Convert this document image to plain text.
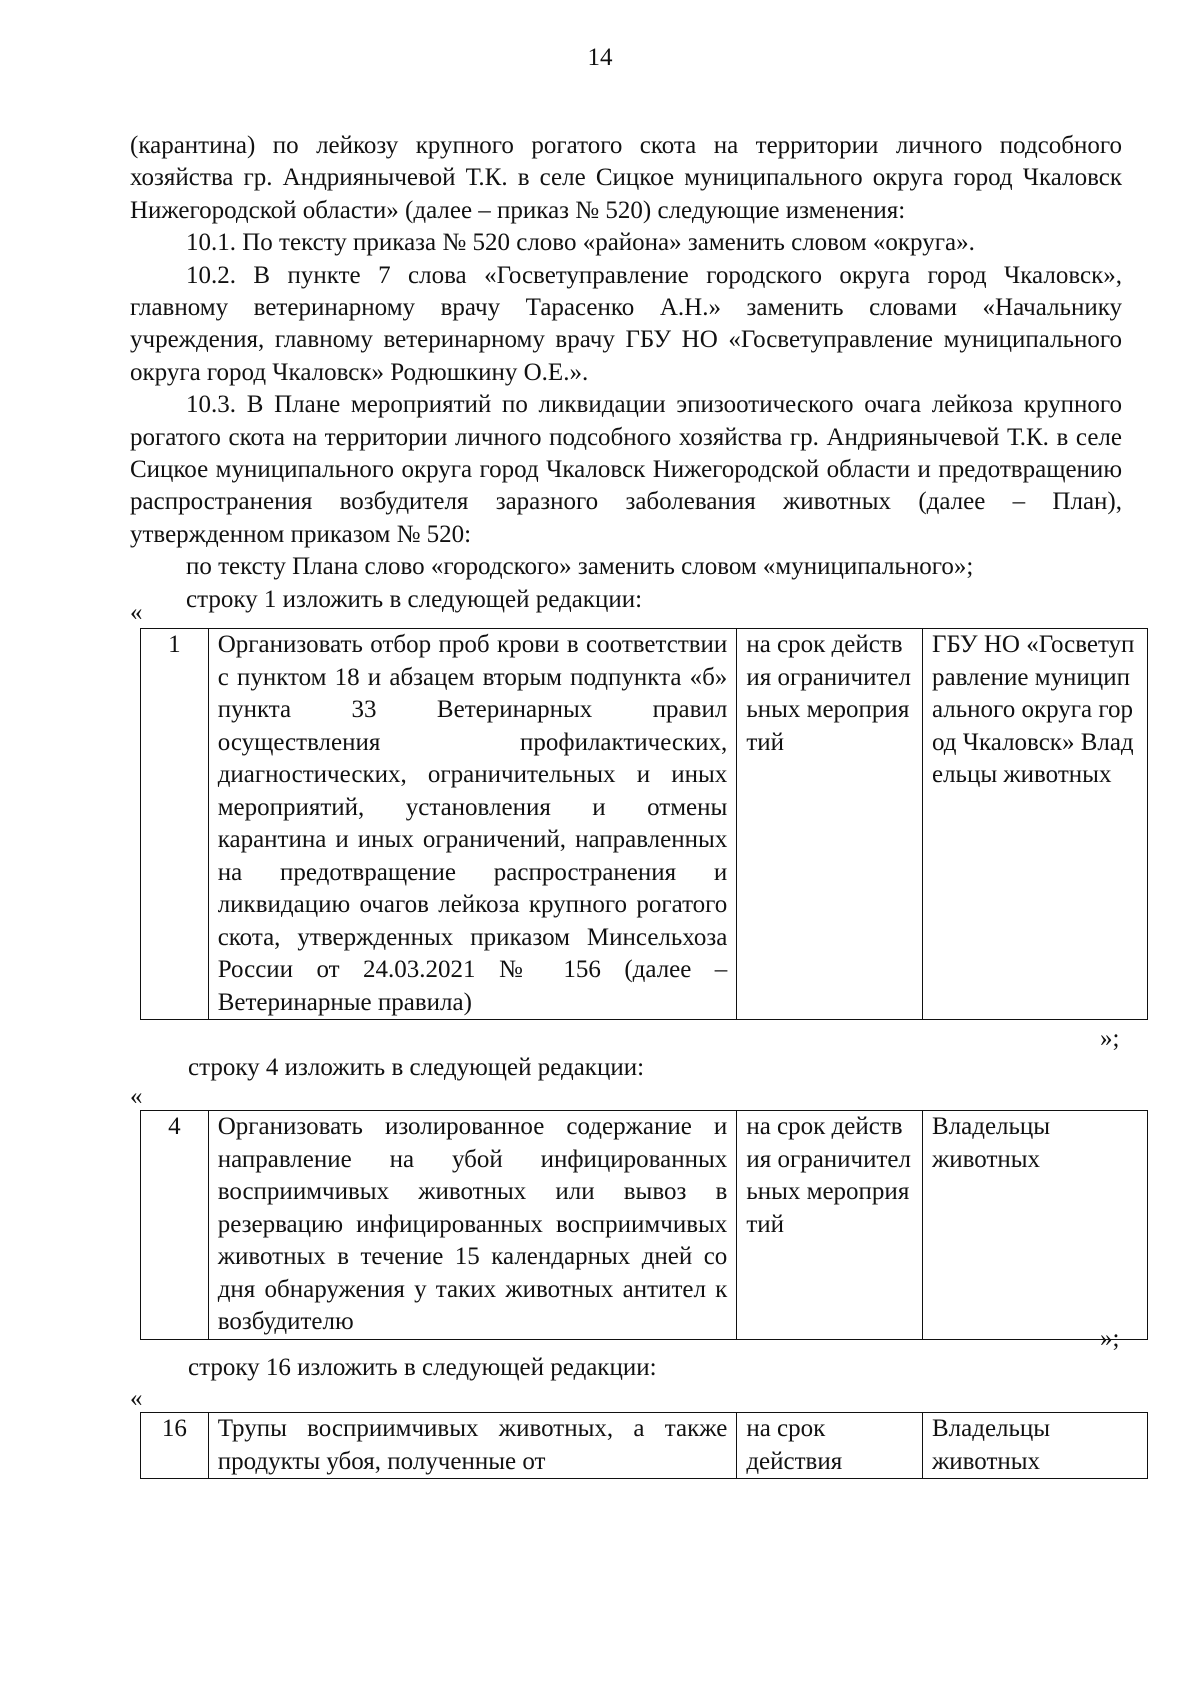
14

(карантина) по лейкозу крупного рогатого скота на территории личного подсобного хозяйства гр. Андриянычевой Т.К. в селе Сицкое муниципального округа город Чкаловск Нижегородской области» (далее – приказ № 520) следующие изменения:

10.1. По тексту приказа № 520 слово «района» заменить словом «округа».

10.2. В пункте 7 слова «Госветуправление городского округа город Чкаловск», главному ветеринарному врачу Тарасенко А.Н.» заменить словами «Начальнику учреждения, главному ветеринарному врачу ГБУ НО «Госветуправление муниципального округа город Чкаловск» Родюшкину О.Е.».

10.3. В Плане мероприятий по ликвидации эпизоотического очага лейкоза крупного рогатого скота на территории личного подсобного хозяйства гр. Андриянычевой Т.К. в селе Сицкое муниципального округа город Чкаловск Нижегородской области и предотвращению распространения возбудителя заразного заболевания животных (далее – План), утвержденном приказом № 520:

по тексту Плана слово «городского» заменить словом «муниципального»;

строку 1 изложить в следующей редакции:

«
1	Организовать отбор проб крови в соответствии с пунктом 18 и абзацем вторым подпункта «б» пункта 33 Ветеринарных правил осуществления профилактических, диагностических, ограничительных и иных мероприятий, установления и отмены карантина и иных ограничений, направленных на предотвращение распространения и ликвидацию очагов лейкоза крупного рогатого скота, утвержденных приказом Минсельхоза России от 24.03.2021 № 156 (далее – Ветеринарные правила)	на срок действия ограничительных мероприятий	ГБУ НО «Госветуправление муниципального округа город Чкаловск» Владельцы животных
»;
строку 4 изложить в следующей редакции:
«
4	Организовать изолированное содержание и направление на убой инфицированных восприимчивых животных или вывоз в резервацию инфицированных восприимчивых животных в течение 15 календарных дней со дня обнаружения у таких животных антител к возбудителю	на срок действия ограничительных мероприятий	Владельцы животных
»;
строку 16 изложить в следующей редакции:
«
16	Трупы восприимчивых животных, а также продукты убоя, полученные от	на срок действия	Владельцы животных
